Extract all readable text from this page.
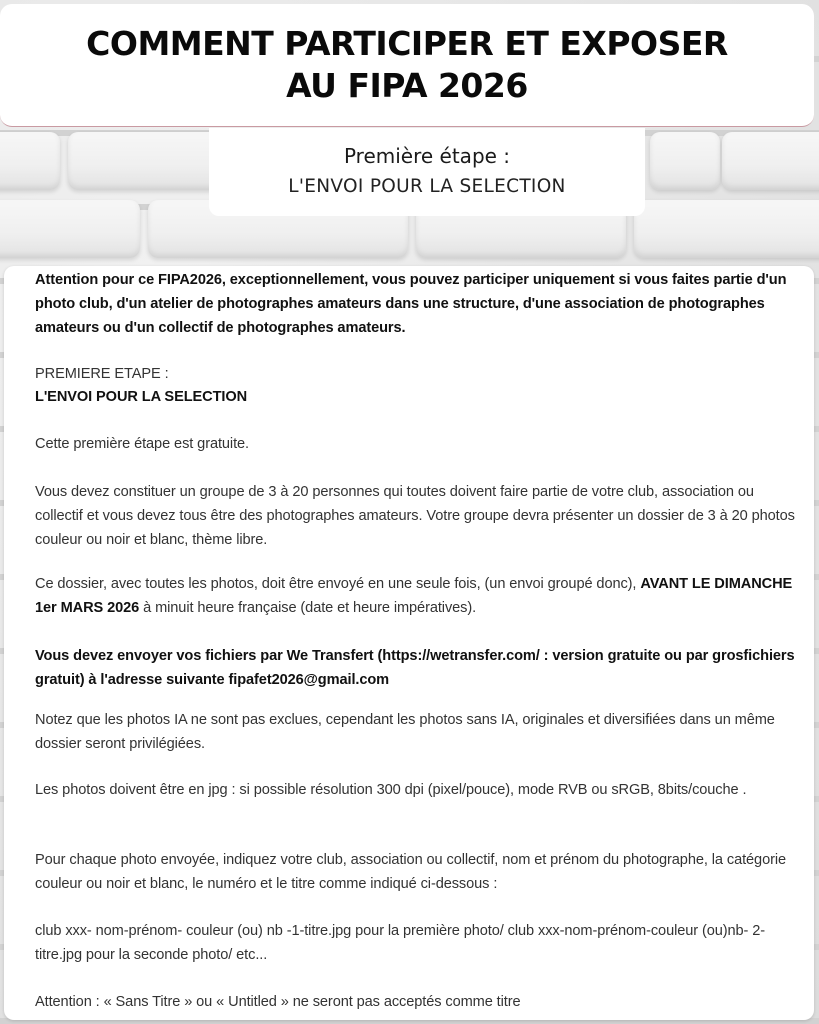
COMMENT PARTICIPER ET EXPOSER
AU FIPA 2026
Première étape :
L'ENVOI POUR LA SELECTION

Attention pour ce FIPA2026, exceptionnellement, vous pouvez participer uniquement si vous faites partie d'un photo club, d'un atelier de photographes amateurs dans une structure, d'une association de photographes amateurs ou d'un collectif de photographes amateurs.

PREMIERE ETAPE :

L'ENVOI POUR LA SELECTION

Cette première étape est gratuite.

Vous devez constituer un groupe de 3 à 20 personnes qui toutes doivent faire partie de votre club, association ou collectif et vous devez tous être des photographes amateurs. Votre groupe devra présenter un dossier de 3 à 20 photos couleur ou noir et blanc, thème libre.

Ce dossier, avec toutes les photos, doit être envoyé en une seule fois, (un envoi groupé donc), AVANT LE DIMANCHE 1er MARS 2026 à minuit heure française (date et heure impératives).

Vous devez envoyer vos fichiers par We Transfert (https://wetransfer.com/ : version gratuite ou par grosfichiers gratuit) à l'adresse suivante fipafet2026@gmail.com

Notez que les photos IA ne sont pas exclues, cependant les photos sans IA, originales et diversifiées dans un même dossier seront privilégiées.

Les photos doivent être en jpg : si possible résolution 300 dpi (pixel/pouce), mode RVB ou sRGB, 8bits/couche .

Pour chaque photo envoyée, indiquez votre club, association ou collectif, nom et prénom du photographe, la catégorie couleur ou noir et blanc, le numéro et le titre comme indiqué ci-dessous :

club xxx- nom-prénom- couleur (ou) nb -1-titre.jpg pour la première photo/ club xxx-nom-prénom-couleur (ou)nb- 2-titre.jpg pour la seconde photo/ etc...

Attention : « Sans Titre » ou « Untitled » ne seront pas acceptés comme titre
